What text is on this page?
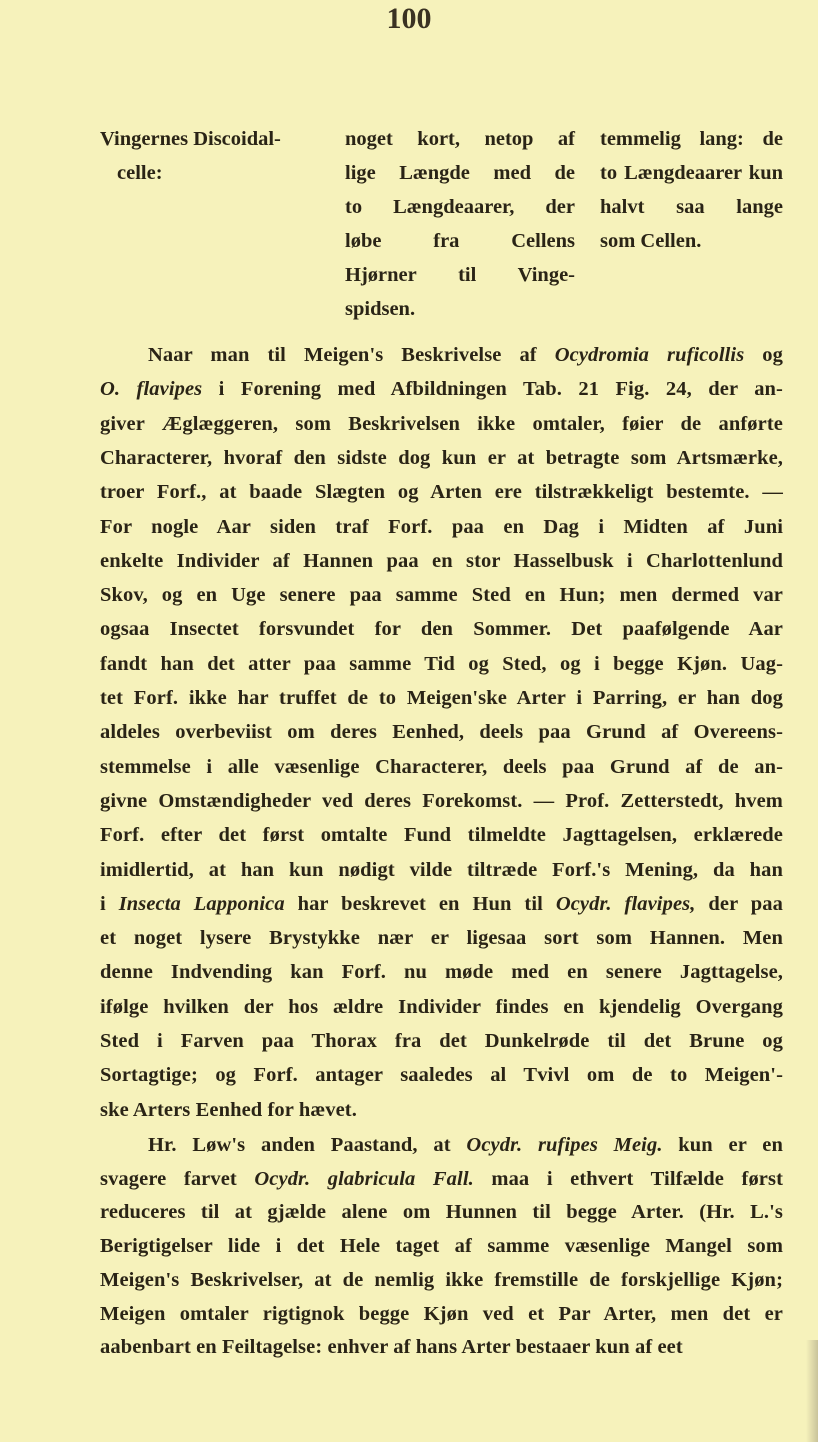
100
Vingernes Discoidal-
celle:
noget kort, netop af
lige Længde med de
to Længdeaarer, der
løbe fra Cellens
Hjørner til Vinge-
spidsen.
temmelig lang: de
to Længdeaarer kun
halvt saa lange
som Cellen.
Naar man til Meigen's Beskrivelse af Ocydromia ruficollis og
O. flavipes i Forening med Afbildningen Tab. 21 Fig. 24, der an-
giver Æglæggeren, som Beskrivelsen ikke omtaler, føier de anførte
Characterer, hvoraf den sidste dog kun er at betragte som Artsmærke,
troer Forf., at baade Slægten og Arten ere tilstrækkeligt bestemte. —
For nogle Aar siden traf Forf. paa en Dag i Midten af Juni
enkelte Individer af Hannen paa en stor Hasselbusk i Charlottenlund
Skov, og en Uge senere paa samme Sted en Hun; men dermed var
ogsaa Insectet forsvundet for den Sommer. Det paafølgende Aar
fandt han det atter paa samme Tid og Sted, og i begge Kjøn. Uag-
tet Forf. ikke har truffet de to Meigen'ske Arter i Parring, er han dog
aldeles overbeviist om deres Eenhed, deels paa Grund af Overeens-
stemmelse i alle væsenlige Characterer, deels paa Grund af de an-
givne Omstændigheder ved deres Forekomst. — Prof. Zetterstedt, hvem
Forf. efter det først omtalte Fund tilmeldte Jagttagelsen, erklærede
imidlertid, at han kun nødigt vilde tiltræde Forf.'s Mening, da han
i Insecta Lapponica har beskrevet en Hun til Ocydr. flavipes, der paa
et noget lysere Brystykke nær er ligesaa sort som Hannen. Men
denne Indvending kan Forf. nu møde med en senere Jagttagelse,
ifølge hvilken der hos ældre Individer findes en kjendelig Overgang
Sted i Farven paa Thorax fra det Dunkelrøde til det Brune og
Sortagtige; og Forf. antager saaledes al Tvivl om de to Meigen'-
ske Arters Eenhed for hævet.
Hr. Løw's anden Paastand, at Ocydr. rufipes Meig. kun er en
svagere farvet Ocydr. glabricula Fall. maa i ethvert Tilfælde først
reduceres til at gjælde alene om Hunnen til begge Arter. (Hr. L.'s
Berigtigelser lide i det Hele taget af samme væsenlige Mangel som
Meigen's Beskrivelser, at de nemlig ikke fremstille de forskjellige Kjøn;
Meigen omtaler rigtignok begge Kjøn ved et Par Arter, men det er
aabenbart en Feiltagelse: enhver af hans Arter bestaaer kun af eet
